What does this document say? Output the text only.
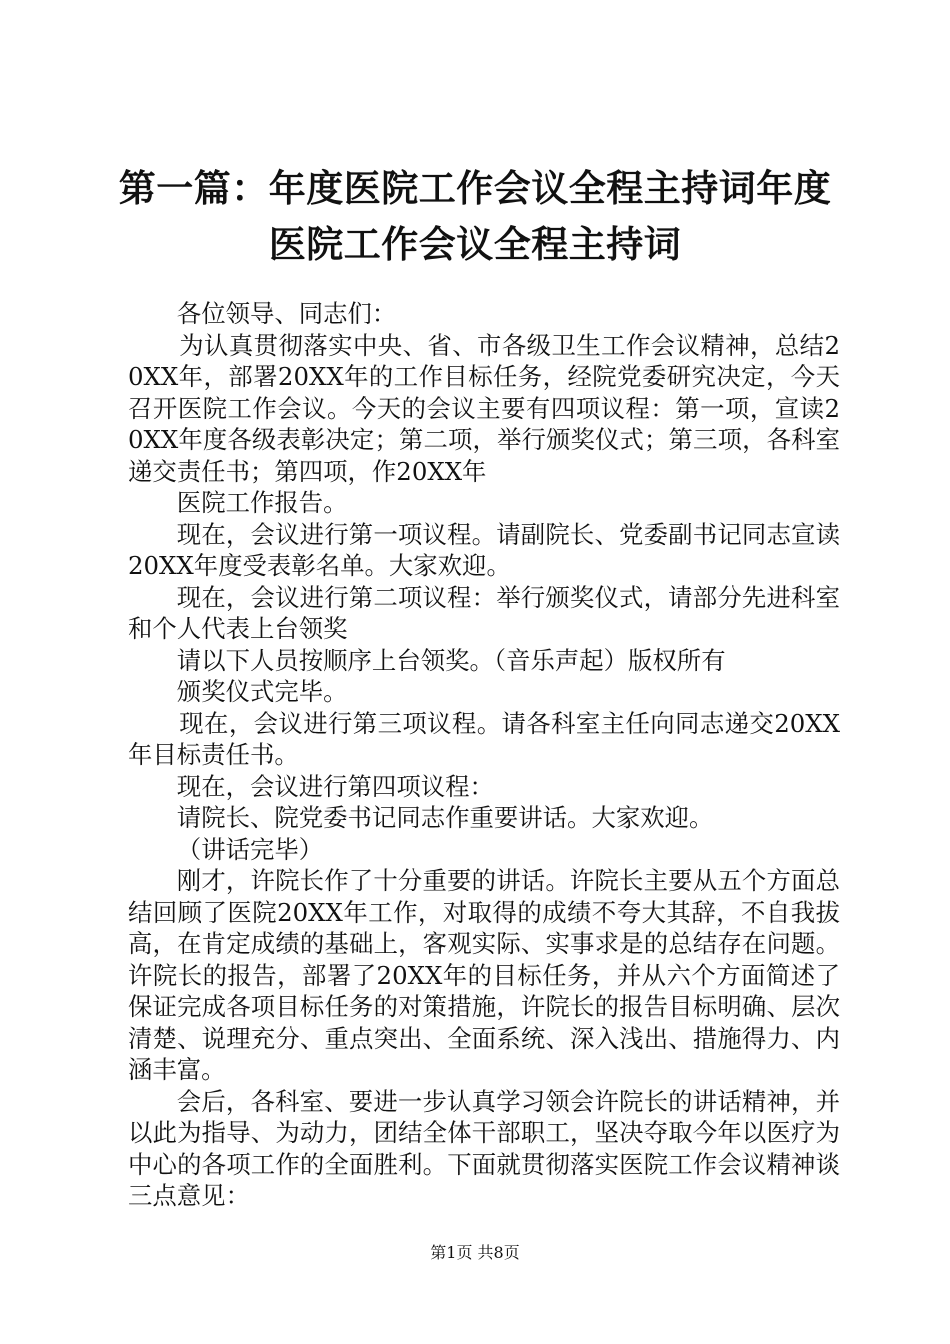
第一篇：年度医院工作会议全程主持词年度医院工作会议全程主持词

各位领导、同志们：

为认真贯彻落实中央、省、市各级卫生工作会议精神，总结20XX年，部署20XX年的工作目标任务，经院党委研究决定，今天召开医院工作会议。今天的会议主要有四项议程：第一项，宣读20XX年度各级表彰决定；第二项，举行颁奖仪式；第三项，各科室递交责任书；第四项，作20XX年

医院工作报告。

现在，会议进行第一项议程。请副院长、党委副书记同志宣读20XX年度受表彰名单。大家欢迎。

现在，会议进行第二项议程：举行颁奖仪式，请部分先进科室和个人代表上台领奖

请以下人员按顺序上台领奖。（音乐声起）版权所有

颁奖仪式完毕。

现在，会议进行第三项议程。请各科室主任向同志递交20XX年目标责任书。

现在，会议进行第四项议程：

请院长、院党委书记同志作重要讲话。大家欢迎。

（讲话完毕）

刚才，许院长作了十分重要的讲话。许院长主要从五个方面总结回顾了医院20XX年工作，对取得的成绩不夸大其辞，不自我拔高，在肯定成绩的基础上，客观实际、实事求是的总结存在问题。许院长的报告，部署了20XX年的目标任务，并从六个方面简述了保证完成各项目标任务的对策措施，许院长的报告目标明确、层次清楚、说理充分、重点突出、全面系统、深入浅出、措施得力、内涵丰富。

会后，各科室、要进一步认真学习领会许院长的讲话精神，并以此为指导、为动力，团结全体干部职工，坚决夺取今年以医疗为中心的各项工作的全面胜利。下面就贯彻落实医院工作会议精神谈三点意见：

第1页 共8页
